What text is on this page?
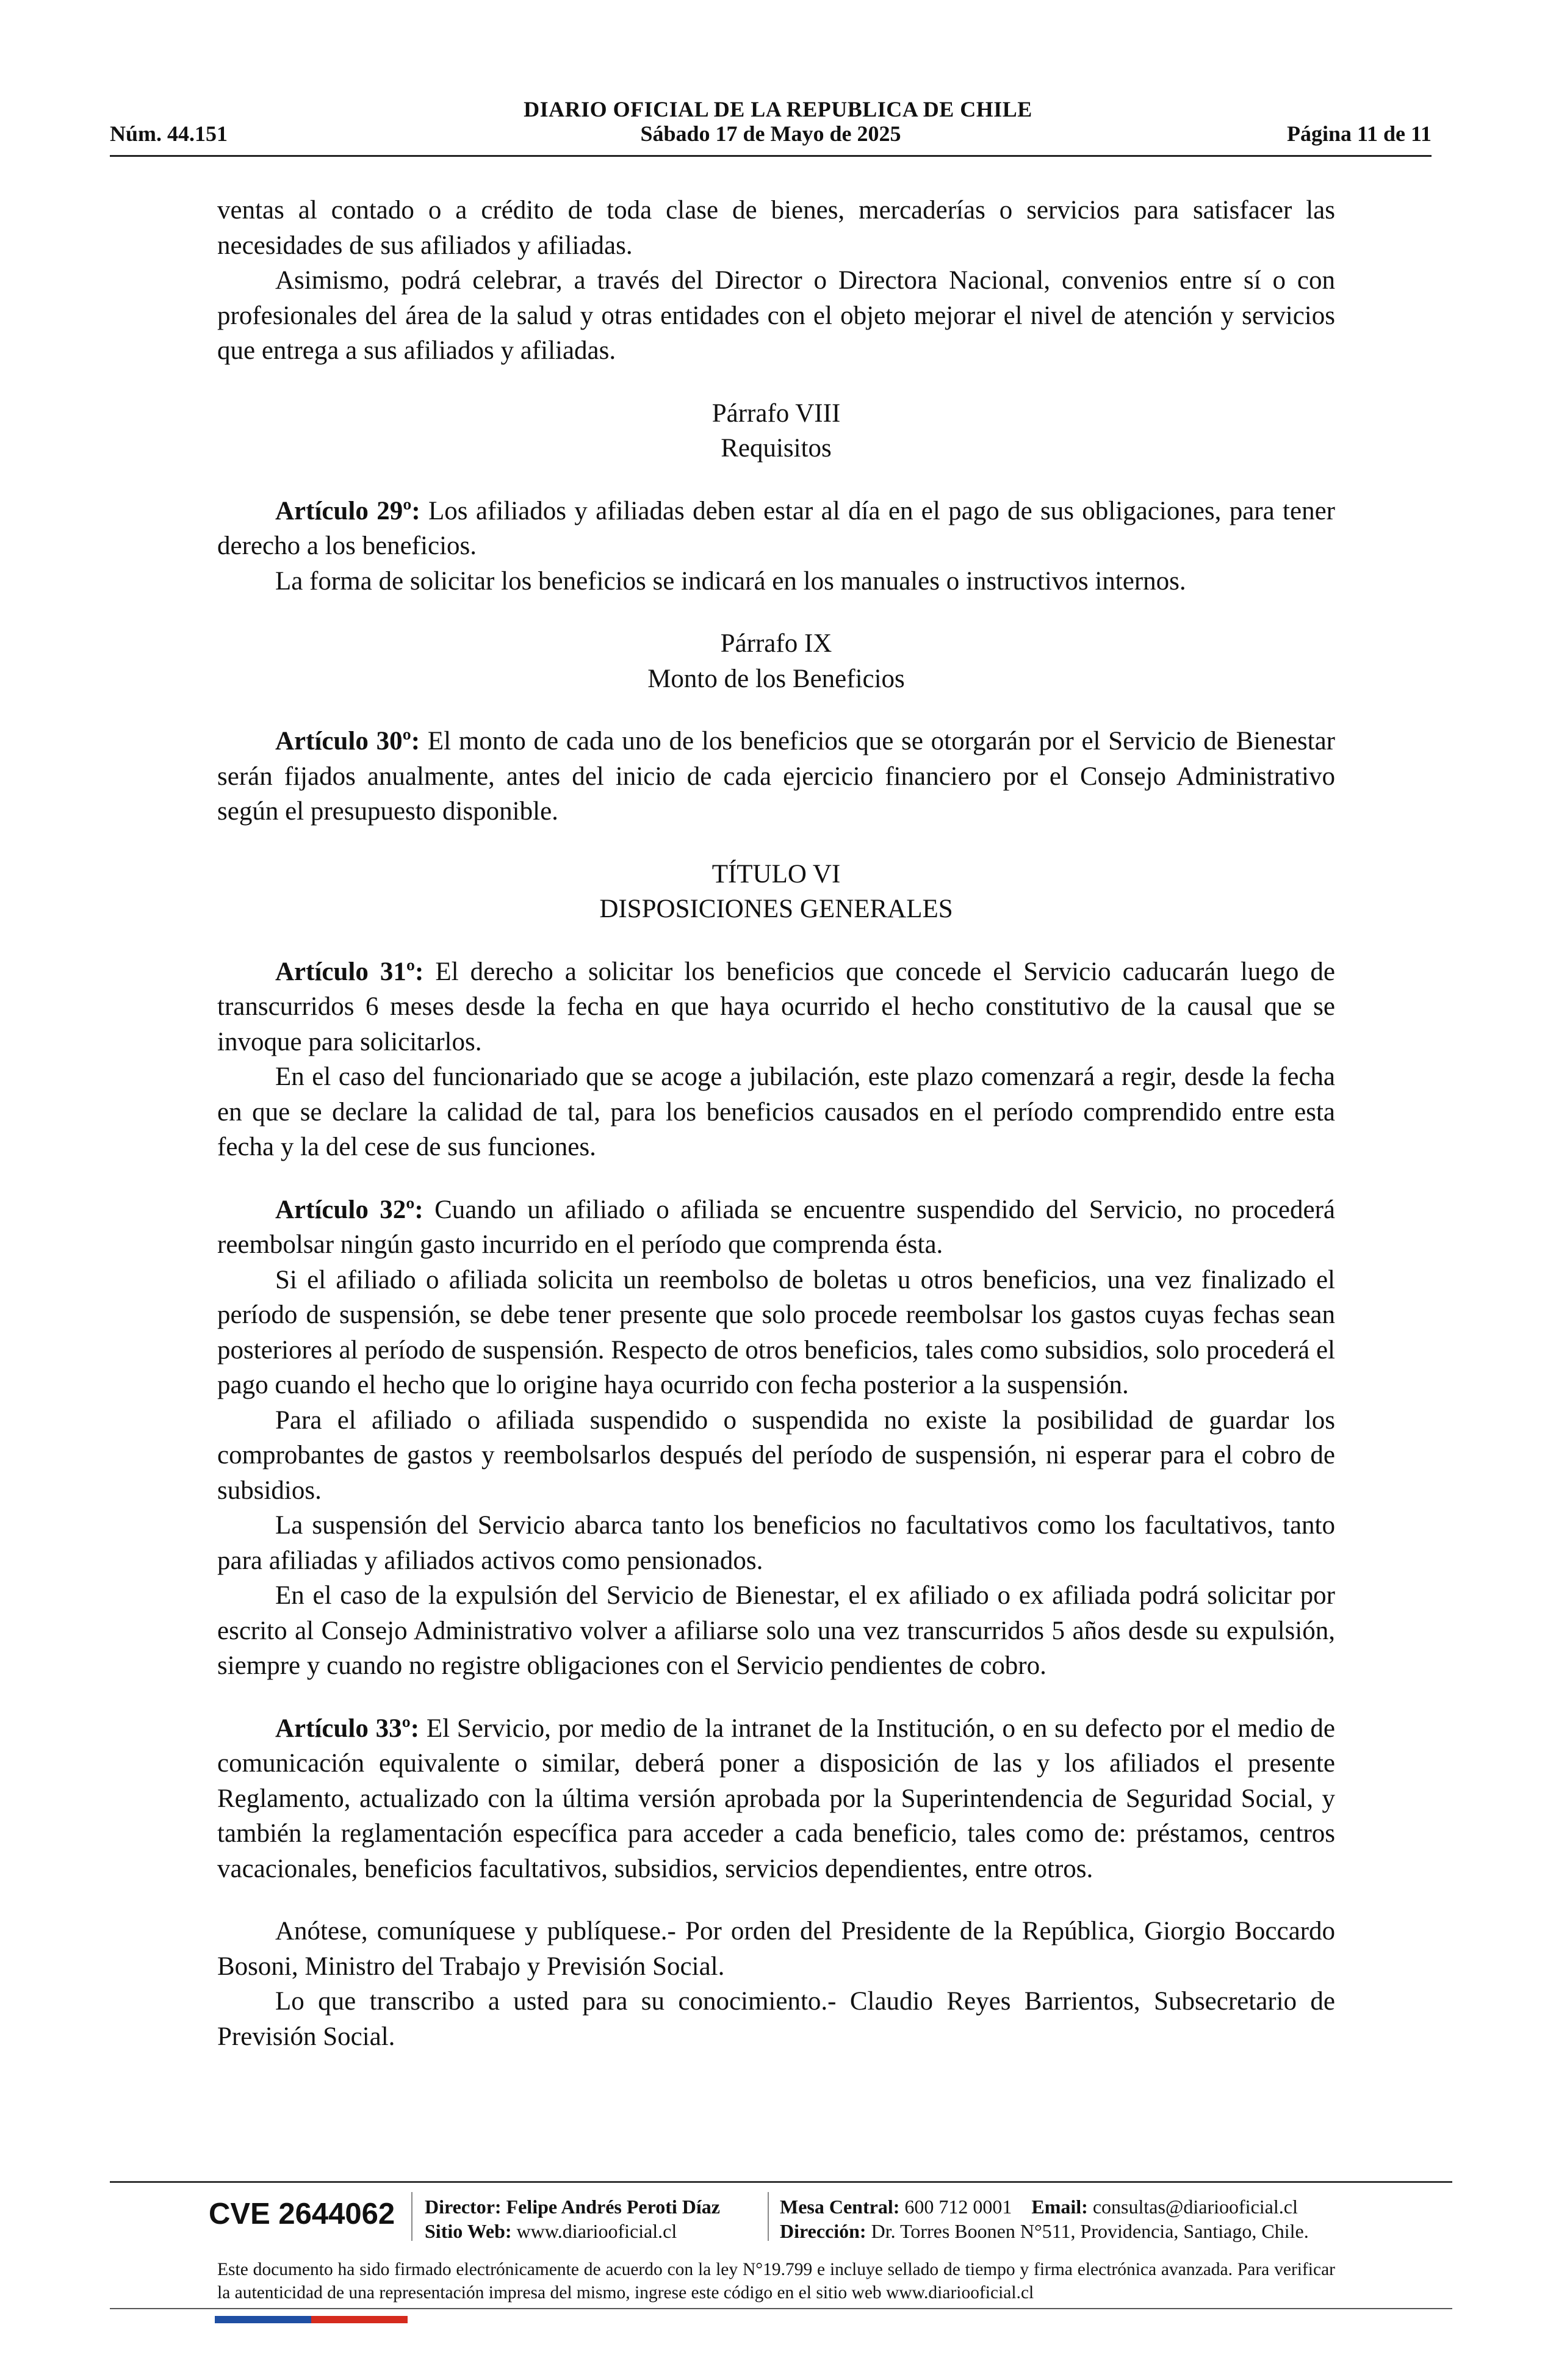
DIARIO OFICIAL DE LA REPUBLICA DE CHILE
Núm. 44.151	Sábado 17 de Mayo de 2025	Página 11 de 11

ventas al contado o a crédito de toda clase de bienes, mercaderías o servicios para satisfacer las necesidades de sus afiliados y afiliadas.

Asimismo, podrá celebrar, a través del Director o Directora Nacional, convenios entre sí o con profesionales del área de la salud y otras entidades con el objeto mejorar el nivel de atención y servicios que entrega a sus afiliados y afiliadas.

Párrafo VIII

Requisitos

Artículo 29º: Los afiliados y afiliadas deben estar al día en el pago de sus obligaciones, para tener derecho a los beneficios.

La forma de solicitar los beneficios se indicará en los manuales o instructivos internos.

Párrafo IX

Monto de los Beneficios

Artículo 30º: El monto de cada uno de los beneficios que se otorgarán por el Servicio de Bienestar serán fijados anualmente, antes del inicio de cada ejercicio financiero por el Consejo Administrativo según el presupuesto disponible.

TÍTULO VI

DISPOSICIONES GENERALES

Artículo 31º: El derecho a solicitar los beneficios que concede el Servicio caducarán luego de transcurridos 6 meses desde la fecha en que haya ocurrido el hecho constitutivo de la causal que se invoque para solicitarlos.

En el caso del funcionariado que se acoge a jubilación, este plazo comenzará a regir, desde la fecha en que se declare la calidad de tal, para los beneficios causados en el período comprendido entre esta fecha y la del cese de sus funciones.

Artículo 32º: Cuando un afiliado o afiliada se encuentre suspendido del Servicio, no procederá reembolsar ningún gasto incurrido en el período que comprenda ésta.

Si el afiliado o afiliada solicita un reembolso de boletas u otros beneficios, una vez finalizado el período de suspensión, se debe tener presente que solo procede reembolsar los gastos cuyas fechas sean posteriores al período de suspensión. Respecto de otros beneficios, tales como subsidios, solo procederá el pago cuando el hecho que lo origine haya ocurrido con fecha posterior a la suspensión.

Para el afiliado o afiliada suspendido o suspendida no existe la posibilidad de guardar los comprobantes de gastos y reembolsarlos después del período de suspensión, ni esperar para el cobro de subsidios.

La suspensión del Servicio abarca tanto los beneficios no facultativos como los facultativos, tanto para afiliadas y afiliados activos como pensionados.

En el caso de la expulsión del Servicio de Bienestar, el ex afiliado o ex afiliada podrá solicitar por escrito al Consejo Administrativo volver a afiliarse solo una vez transcurridos 5 años desde su expulsión, siempre y cuando no registre obligaciones con el Servicio pendientes de cobro.

Artículo 33º: El Servicio, por medio de la intranet de la Institución, o en su defecto por el medio de comunicación equivalente o similar, deberá poner a disposición de las y los afiliados el presente Reglamento, actualizado con la última versión aprobada por la Superintendencia de Seguridad Social, y también la reglamentación específica para acceder a cada beneficio, tales como de: préstamos, centros vacacionales, beneficios facultativos, subsidios, servicios dependientes, entre otros.

Anótese, comuníquese y publíquese.- Por orden del Presidente de la República, Giorgio Boccardo Bosoni, Ministro del Trabajo y Previsión Social.

Lo que transcribo a usted para su conocimiento.- Claudio Reyes Barrientos, Subsecretario de Previsión Social.

CVE 2644062 Director: Felipe Andrés Peroti Díaz
Sitio Web: www.diariooficial.cl
Mesa Central: 600 712 0001 Email: consultas@diariooficial.cl
Dirección: Dr. Torres Boonen N°511, Providencia, Santiago, Chile.
Este documento ha sido firmado electrónicamente de acuerdo con la ley N°19.799 e incluye sellado de tiempo y firma electrónica avanzada. Para verificar la autenticidad de una representación impresa del mismo, ingrese este código en el sitio web www.diariooficial.cl
